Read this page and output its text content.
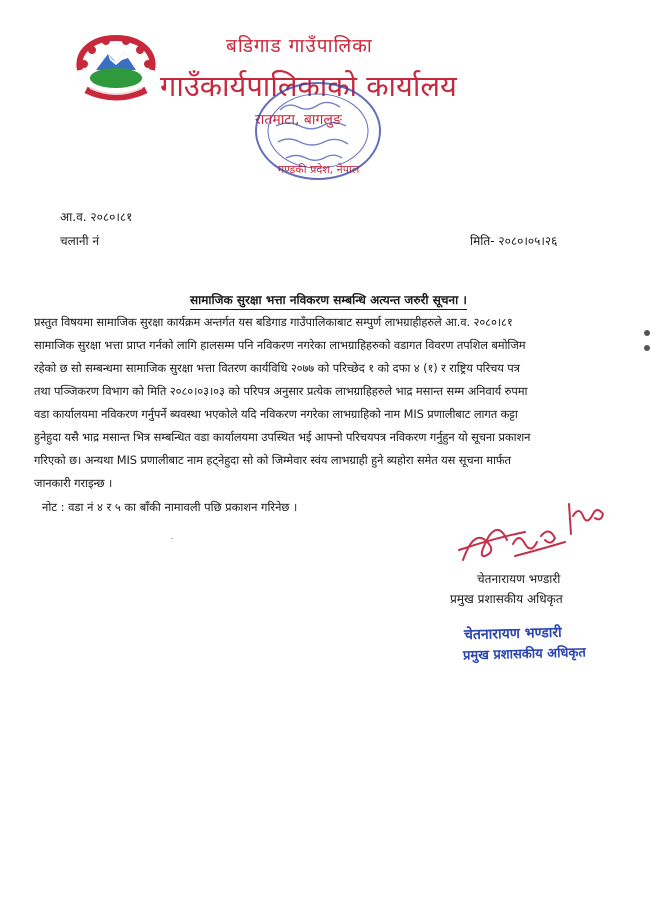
बडिगाड गाउँपालिका
गाउँकार्यपालिकाको कार्यालय
रातमाटा, बागलुङ
गण्डकी प्रदेश, नेपाल
आ.व. २०८०।८१
चलानी नं	मिति- २०८०।०५।२६
सामाजिक सुरक्षा भत्ता नविकरण सम्बन्धि अत्यन्त जरुरी सूचना ।
प्रस्तुत विषयमा सामाजिक सुरक्षा कार्यक्रम अन्तर्गत यस बडिगाड गाउँपालिकाबाट सम्पुर्ण लाभग्राहीहरुले आ.व. २०८०।८१
सामाजिक सुरक्षा भत्ता प्राप्त गर्नको लागि हालसम्म पनि नविकरण नगरेका लाभग्राहिहरुको वडागत विवरण तपशिल बमोजिम
रहेको छ सो सम्बन्धमा सामाजिक सुरक्षा भत्ता वितरण कार्यविधि २०७७ को परिच्छेद १ को दफा ४ (१) र राष्ट्रिय परिचय पत्र
तथा पञ्जिकरण विभाग को मिति २०८०।०३।०३ को परिपत्र अनुसार प्रत्येक लाभग्राहिहरुले भाद्र मसान्त सम्म अनिवार्य रुपमा
वडा कार्यालयमा नविकरण गर्नुपर्ने ब्यवस्था भएकोले यदि नविकरण नगरेका लाभग्राहिको नाम MIS प्रणालीबाट लागत कट्टा
हुनेहुदा यसै भाद्र मसान्त भित्र सम्बन्धित वडा कार्यालयमा उपस्थित भई आफ्नो परिचयपत्र नविकरण गर्नुहुन यो सूचना प्रकाशन
गरिएको छ। अन्यथा MIS प्रणालीबाट नाम हट्नेहुदा सो को जिम्मेवार स्वंय लाभग्राही हुने ब्यहोरा समेत यस सूचना मार्फत
जानकारी गराइन्छ ।
नोट : वडा नं ४ र ५ का बाँकी नामावली पछि प्रकाशन गरिनेछ ।
चेतनारायण भण्डारी
प्रमुख प्रशासकीय अधिकृत
चेतनारायण भण्डारी
प्रमुख प्रशासकीय अधिकृत
